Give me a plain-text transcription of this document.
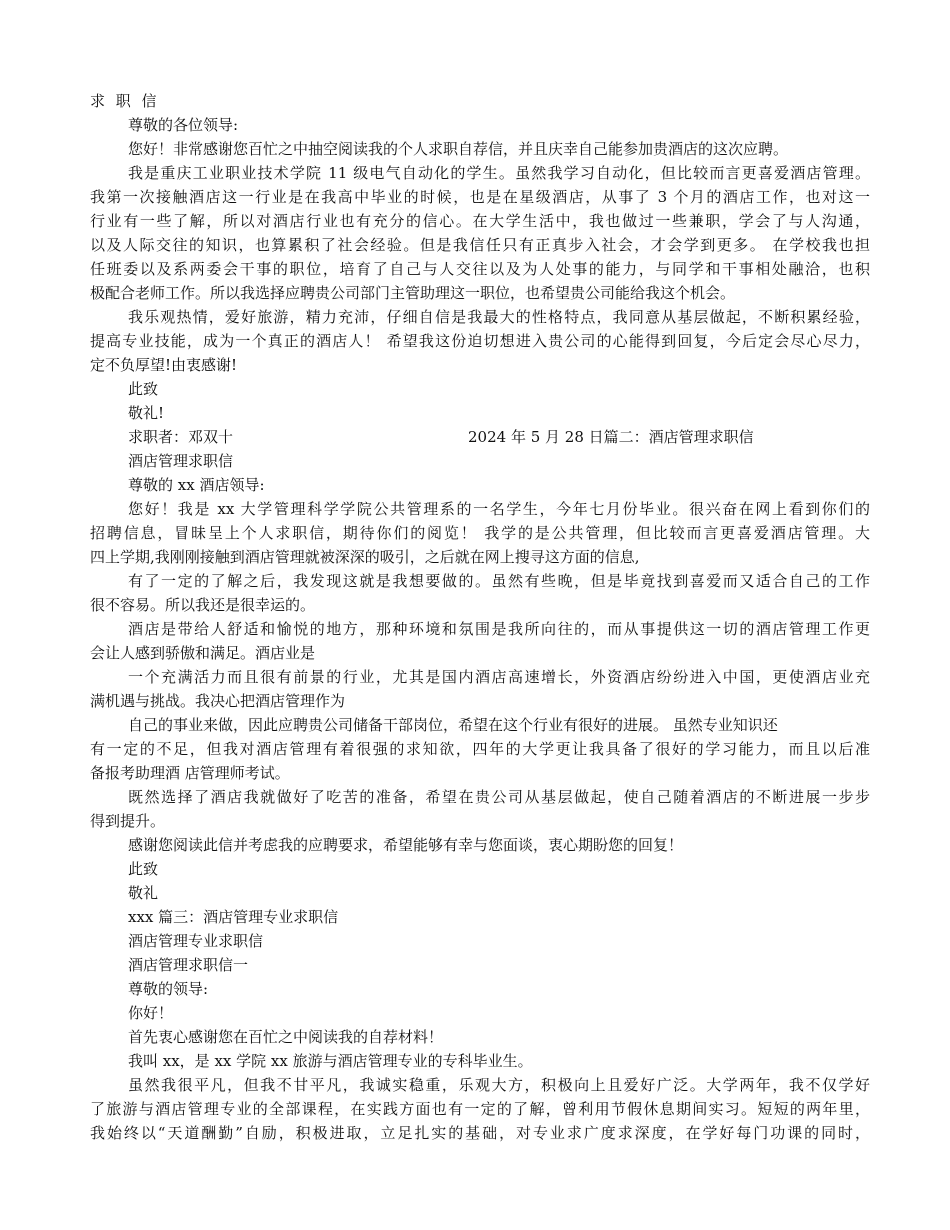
求 职 信
尊敬的各位领导:
您好！非常感谢您百忙之中抽空阅读我的个人求职自荐信，并且庆幸自己能参加贵酒店的这次应聘。
我是重庆工业职业技术学院 11 级电气自动化的学生。虽然我学习自动化，但比较而言更喜爱酒店管理。
我第一次接触酒店这一行业是在我高中毕业的时候，也是在星级酒店，从事了 3 个月的酒店工作，也对这一
行业有一些了解，所以对酒店行业也有充分的信心。在大学生活中，我也做过一些兼职，学会了与人沟通，
以及人际交往的知识，也算累积了社会经验。但是我信任只有正真步入社会，才会学到更多。 在学校我也担
任班委以及系两委会干事的职位，培育了自己与人交往以及为人处事的能力，与同学和干事相处融洽，也积
极配合老师工作。所以我选择应聘贵公司部门主管助理这一职位，也希望贵公司能给我这个机会。
我乐观热情，爱好旅游，精力充沛，仔细自信是我最大的性格特点，我同意从基层做起，不断积累经验，
提高专业技能，成为一个真正的酒店人！ 希望我这份迫切想进入贵公司的心能得到回复，今后定会尽心尽力，
定不负厚望!由衷感谢!
此致
敬礼!
求职者：邓双十	2024 年 5 月 28 日篇二：酒店管理求职信
酒店管理求职信
尊敬的 xx 酒店领导:
您好！我是 xx 大学管理科学学院公共管理系的一名学生，今年七月份毕业。很兴奋在网上看到你们的
招聘信息，冒昧呈上个人求职信，期待你们的阅览！ 我学的是公共管理，但比较而言更喜爱酒店管理。大
四上学期,我刚刚接触到酒店管理就被深深的吸引，之后就在网上搜寻这方面的信息,
有了一定的了解之后，我发现这就是我想要做的。虽然有些晚，但是毕竟找到喜爱而又适合自己的工作
很不容易。所以我还是很幸运的。
酒店是带给人舒适和愉悦的地方，那种环境和氛围是我所向往的，而从事提供这一切的酒店管理工作更
会让人感到骄傲和满足。酒店业是
一个充满活力而且很有前景的行业，尤其是国内酒店高速增长，外资酒店纷纷进入中国，更使酒店业充
满机遇与挑战。我决心把酒店管理作为
自己的事业来做，因此应聘贵公司储备干部岗位，希望在这个行业有很好的进展。 虽然专业知识还
有一定的不足，但我对酒店管理有着很强的求知欲，四年的大学更让我具备了很好的学习能力，而且以后准
备报考助理酒 店管理师考试。
既然选择了酒店我就做好了吃苦的准备，希望在贵公司从基层做起，使自己随着酒店的不断进展一步步
得到提升。
感谢您阅读此信并考虑我的应聘要求，希望能够有幸与您面谈，衷心期盼您的回复！
此致
敬礼
xxx 篇三：酒店管理专业求职信
酒店管理专业求职信
酒店管理求职信一
尊敬的领导:
你好！
首先衷心感谢您在百忙之中阅读我的自荐材料！
我叫 xx，是 xx 学院 xx 旅游与酒店管理专业的专科毕业生。
虽然我很平凡，但我不甘平凡，我诚实稳重，乐观大方，积极向上且爱好广泛。大学两年，我不仅学好
了旅游与酒店管理专业的全部课程，在实践方面也有一定的了解，曾利用节假休息期间实习。短短的两年里，
我始终以“天道酬勤”自励，积极进取，立足扎实的基础，对专业求广度求深度，在学好每门功课的同时，
